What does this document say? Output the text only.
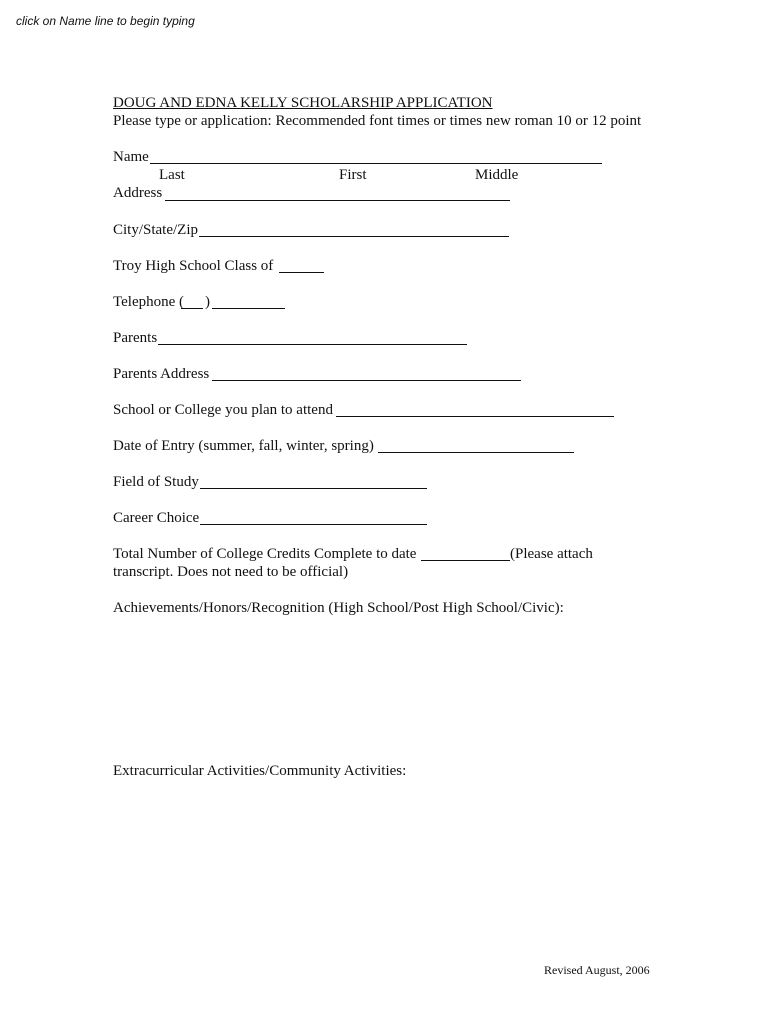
click on Name line to begin typing
DOUG AND EDNA KELLY SCHOLARSHIP APPLICATION
Please type or application: Recommended font times or times new roman 10 or 12 point
Name
Last	First	Middle
Address
City/State/Zip
Troy High School Class of
Telephone ( )
Parents
Parents Address
School or College you plan to attend
Date of Entry (summer, fall, winter, spring)
Field of Study
Career Choice
Total Number of College Credits Complete to date	(Please attach
transcript. Does not need to be official)
Achievements/Honors/Recognition (High School/Post High School/Civic):
Extracurricular Activities/Community Activities:
Revised August, 2006
